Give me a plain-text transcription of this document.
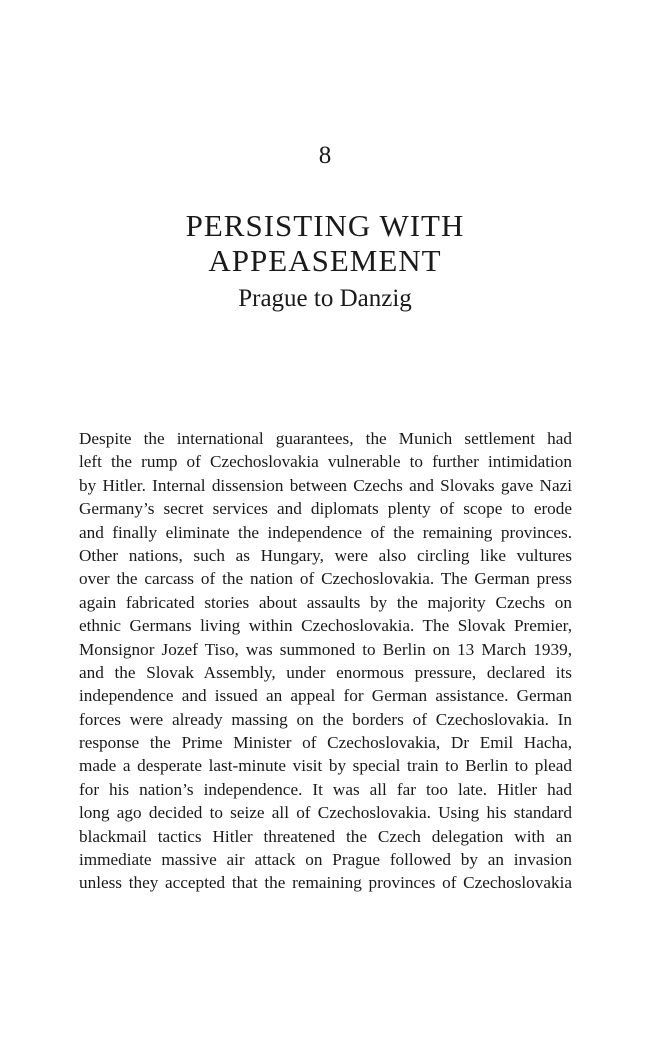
8
PERSISTING WITH
APPEASEMENT
Prague to Danzig
Despite the international guarantees, the Munich settlement had
left the rump of Czechoslovakia vulnerable to further intimidation
by Hitler. Internal dissension between Czechs and Slovaks gave Nazi
Germany’s secret services and diplomats plenty of scope to erode
and finally eliminate the independence of the remaining provinces.
Other nations, such as Hungary, were also circling like vultures
over the carcass of the nation of Czechoslovakia. The German press
again fabricated stories about assaults by the majority Czechs on
ethnic Germans living within Czechoslovakia. The Slovak Premier,
Monsignor Jozef Tiso, was summoned to Berlin on 13 March 1939,
and the Slovak Assembly, under enormous pressure, declared its
independence and issued an appeal for German assistance. German
forces were already massing on the borders of Czechoslovakia. In
response the Prime Minister of Czechoslovakia, Dr Emil Hacha,
made a desperate last-minute visit by special train to Berlin to plead
for his nation’s independence. It was all far too late. Hitler had
long ago decided to seize all of Czechoslovakia. Using his standard
blackmail tactics Hitler threatened the Czech delegation with an
immediate massive air attack on Prague followed by an invasion
unless they accepted that the remaining provinces of Czechoslovakia
